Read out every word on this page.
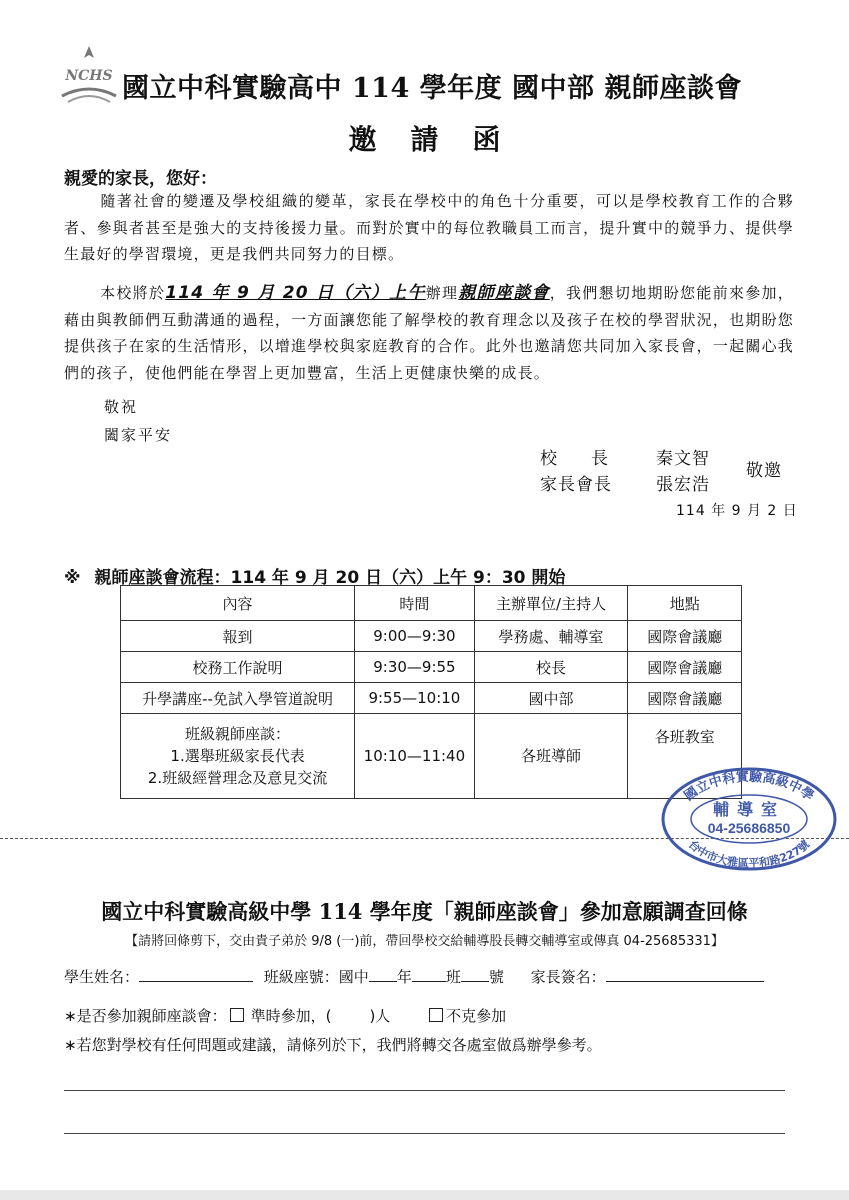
NCHS 國立中科實驗高中 114 學年度 國中部 親師座談會
邀請函
親愛的家長，您好：
隨著社會的變遷及學校組織的變革，家長在學校中的角色十分重要，可以是學校教育工作的合夥者、參與者甚至是強大的支持後援力量。而對於實中的每位教職員工而言，提升實中的競爭力、提供學生最好的學習環境，更是我們共同努力的目標。
本校將於114 年 9 月 20 日（六）上午辦理親師座談會，我們懇切地期盼您能前來參加，藉由與教師們互動溝通的過程，一方面讓您能了解學校的教育理念以及孩子在校的學習狀況，也期盼您提供孩子在家的生活情形，以增進學校與家庭教育的合作。此外也邀請您共同加入家長會，一起關心我們的孩子，使他們能在學習上更加豐富，生活上更健康快樂的成長。
敬祝
闔家平安
校　　長	秦文智
家長會長	張宏浩
敬邀
114 年 9 月 2 日
※ 親師座談會流程：114 年 9 月 20 日（六）上午 9：30 開始
內容	時間	主辦單位/主持人	地點
報到	9:00—9:30	學務處、輔導室	國際會議廳
校務工作說明	9:30—9:55	校長	國際會議廳
升學講座--免試入學管道說明	9:55—10:10	國中部	國際會議廳

班級親師座談：
1.選舉班級家長代表
2.班級經營理念及意見交流	10:10—11:40	各班導師	各班教室
國立中科實驗高級中學
輔導室
04-25686850
台中市大雅區平和路227號
國立中科實驗高級中學 114 學年度「親師座談會」參加意願調查回條
【請將回條剪下，交由貴子弟於 9/8 (一)前，帶回學校交給輔導股長轉交輔導室或傳真 04-25685331】
學生姓名：	班級座號：國中 年 班 號 家長簽名：
∗是否參加親師座談會： 準時參加，(	)人	不克參加
∗若您對學校有任何問題或建議，請條列於下，我們將轉交各處室做爲辦學參考。
